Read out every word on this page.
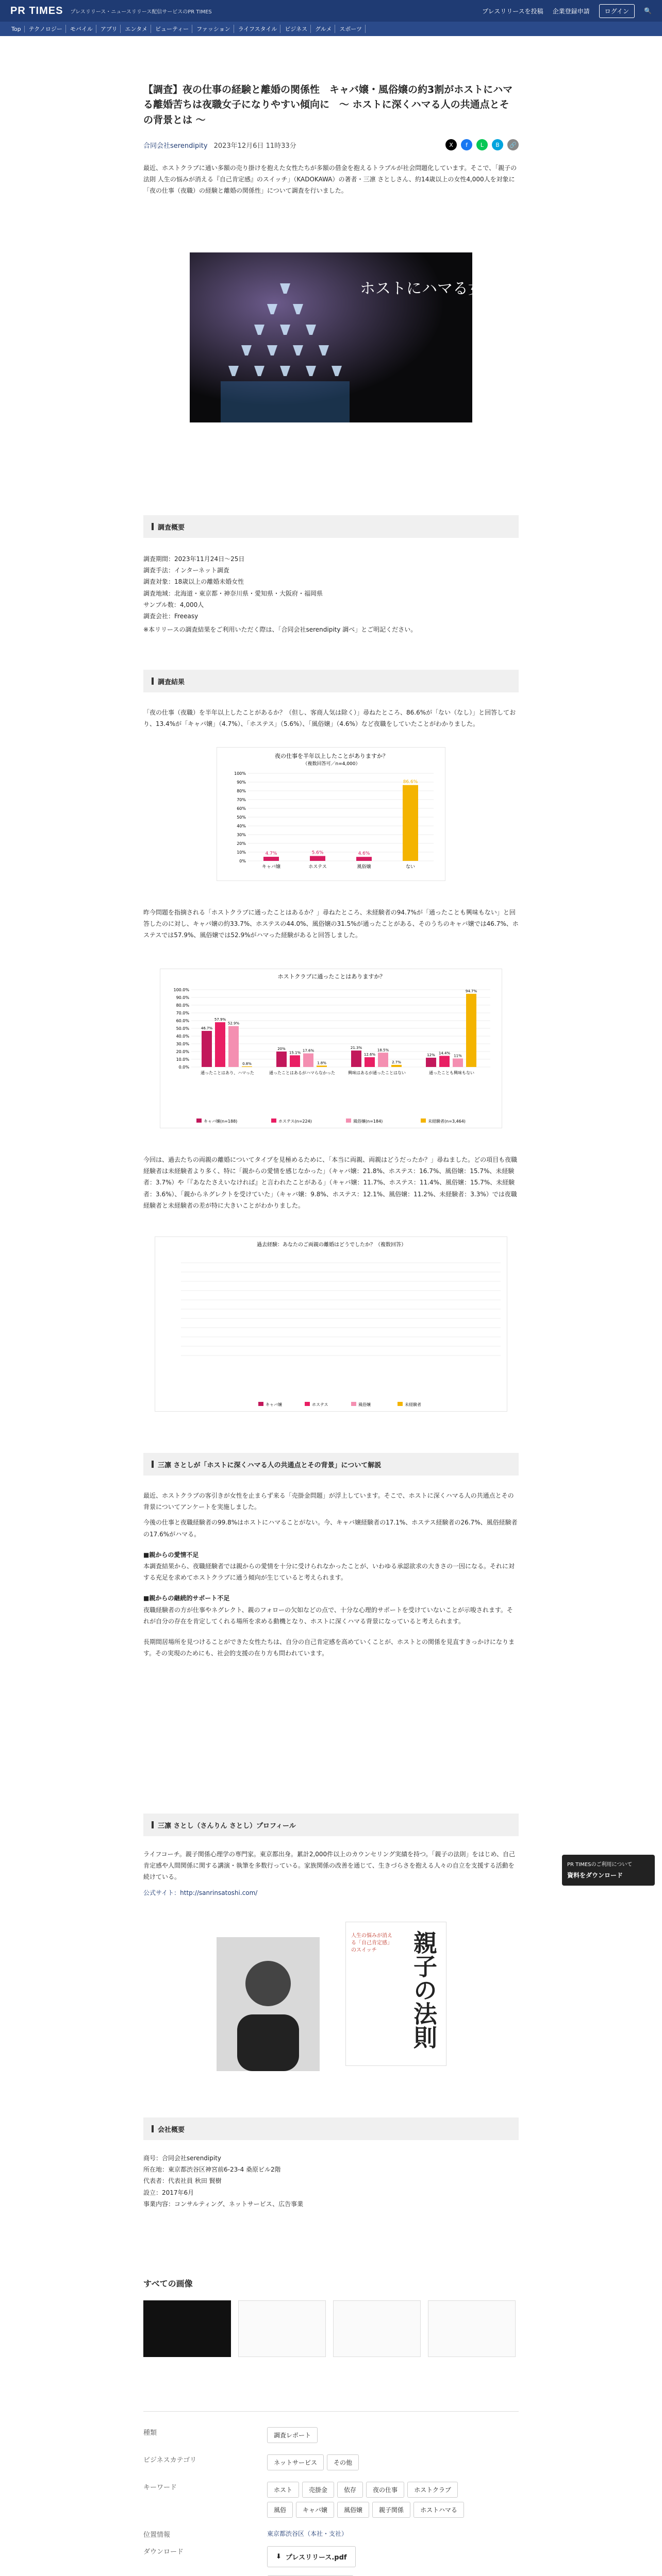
PR TIMES プレスリリース・ニュースリリース配信サービスのPR TIMES	プレスリリースを投稿 企業登録申請	ログイン	🔍
Top	テクノロジー	モバイル	アプリ	エンタメ	ビューティー	ファッション	ライフスタイル	ビジネス	グルメ	スポーツ
【調査】夜の仕事の経験と離婚の関係性　キャバ嬢・風俗嬢の約3割がホストにハマる離婚苦ちは夜職女子になりやすい傾向に　～ ホストに深くハマる人の共通点とその背景とは ～
合同会社serendipity 2023年12月6日 11時33分	X	f	L	B	🔗

最近、ホストクラブに通い多額の売り掛けを抱えた女性たちが多額の借金を抱えるトラブルが社会問題化しています。そこで、「親子の法則 人生の悩みが消える『自己肯定感』のスイッチ」（KADOKAWA）の著者・三凛 さとしさん、約14歳以上の女性4,000人を対象に「夜の仕事（夜職）の経験と離婚の関係性」について調査を行いました。

ホストにハマる女たち
調査概要
調査期間：2023年11月24日〜25日
調査手法：インターネット調査
調査対象：18歳以上の離婚未婚女性
調査地域：北海道・東京都・神奈川県・愛知県・大阪府・福岡県
サンプル数：4,000人
調査会社：Freeasy

※本リリースの調査結果をご利用いただく際は、「合同会社serendipity 調べ」とご明記ください。

調査結果

「夜の仕事（夜職）を半年以上したことがあるか？（但し、客商人気は除く）」尋ねたところ、86.6%が「ない（なし）」と回答しており、13.4%が「キャバ嬢」（4.7%）、「ホステス」（5.6%）、「風俗嬢」（4.6%）など夜職をしていたことがわかりました。

夜の仕事を半年以上したことがありますか？
（複数回答可／n=4,000）
0%
10%
20%
30%
40%
50%
60%
70%
80%
90%
100%
4.7%
キャバ嬢
5.6%
ホステス
4.6%
風俗嬢
86.6%
ない

昨今問題を指摘される「ホストクラブに通ったことはあるか？」尋ねたところ、未経験者の94.7%が「通ったことも興味もない」と回答したのに対し、キャバ嬢の約33.7%、ホステスの44.0%、風俗嬢の31.5%が通ったことがある、そのうちのキャバ嬢では46.7%、ホステスでは57.9%、風俗嬢では52.9%がハマった経験があると回答しました。

ホストクラブに通ったことはありますか？
0.0%
10.0%
20.0%
30.0%
40.0%
50.0%
60.0%
70.0%
80.0%
90.0%
100.0%
46.7%
57.9%
52.9%
0.8%
通ったことはあり、ハマった
20%
15.1% 17.6%
1.8%
通ったことはあるがハマらなかった
21.3%
12.6%
18.5%
2.7%
興味はあるが通ったことはない
12% 14.4%
11%
94.7%
通ったことも興味もない
キャバ嬢(n=188)	ホステス(n=224)	風俗嬢(n=184)	未経験者(n=3,464)

今回は、過去たちの両親の離婚についてタイプを見極めるために、「本当に両親、両親はどうだったか？」尋ねました。どの項目も夜職経験者は未経験者より多く、特に「親からの愛情を感じなかった」（キャバ嬢：21.8%、ホステス：16.7%、風俗嬢：15.7%、未経験者：3.7%）や「『あなたさえいなければ』と言われたことがある」（キャバ嬢：11.7%、ホステス：11.4%、風俗嬢：15.7%、未経験者：3.6%）、「親からネグレクトを受けていた」（キャバ嬢：9.8%、ホステス：12.1%、風俗嬢：11.2%、未経験者：3.3%）では夜職経験者と未経験者の差が特に大きいことがわかりました。

過去経験：あなたのご両親の離婚はどうでしたか？（複数回答）
キャバ嬢	ホステス	風俗嬢	未経験者
三凛 さとしが「ホストに深くハマる人の共通点とその背景」について解説

最近、ホストクラブの客引きが女性を止まらず来る「売掛金問題」が浮上しています。そこで、ホストに深くハマる人の共通点とその背景についてアンケートを実施しました。

今後の仕事と夜職経験者の99.8%はホストにハマることがない。今、キャバ嬢経験者の17.1%、ホステス経験者の26.7%、風俗経験者の17.6%がハマる。

■親からの愛情不足

本調査結果から、夜職経験者では親からの愛情を十分に受けられなかったことが、いわゆる承認欲求の大きさの一因になる。それに対する充足を求めてホストクラブに通う傾向が生じていると考えられます。

■親からの継続的サポート不足

夜職経験者の方が仕事やネグレクト、親のフォローの欠如などの点で、十分な心理的サポートを受けていないことが示唆されます。それが自分の存在を肯定してくれる場所を求める動機となり、ホストに深くハマる背景になっていると考えられます。

長期間居場所を見つけることができた女性たちは、自分の自己肯定感を高めていくことが、ホストとの関係を見直すきっかけになります。その実現のためにも、社会的支援の在り方も問われています。

三凛 さとし（さんりん さとし）プロフィール

ライフコーチ。親子関係心理学の専門家。東京都出身。累計2,000件以上のカウンセリング実績を持つ。「親子の法則」をはじめ、自己肯定感や人間関係に関する講演・執筆を多数行っている。家族関係の改善を通じて、生きづらさを抱える人々の自立を支援する活動を続けている。

公式サイト：http://sanrinsatoshi.com/

親子の法則
人生の悩みが消える「自己肯定感」のスイッチ
会社概要
商号：合同会社serendipity
所在地：東京都渋谷区神宮前6-23-4 桑原ビル2階
代表者：代表社員 秋田 賢樹
設立：2017年6月
事業内容：コンサルティング、ネットサービス、広告事業
すべての画像
PR TIMESのご利用について
資料をダウンロード
種類	調査レポート
ビジネスカテゴリ	ネットサービス	その他
キーワード	ホスト	売掛金	依存	夜の仕事	ホストクラブ風俗	キャバ嬢	風俗嬢	親子関係	ホストハマる
位置情報	東京都渋谷区（本社・支社）
ダウンロード
⬇ プレスリリース.pdf
